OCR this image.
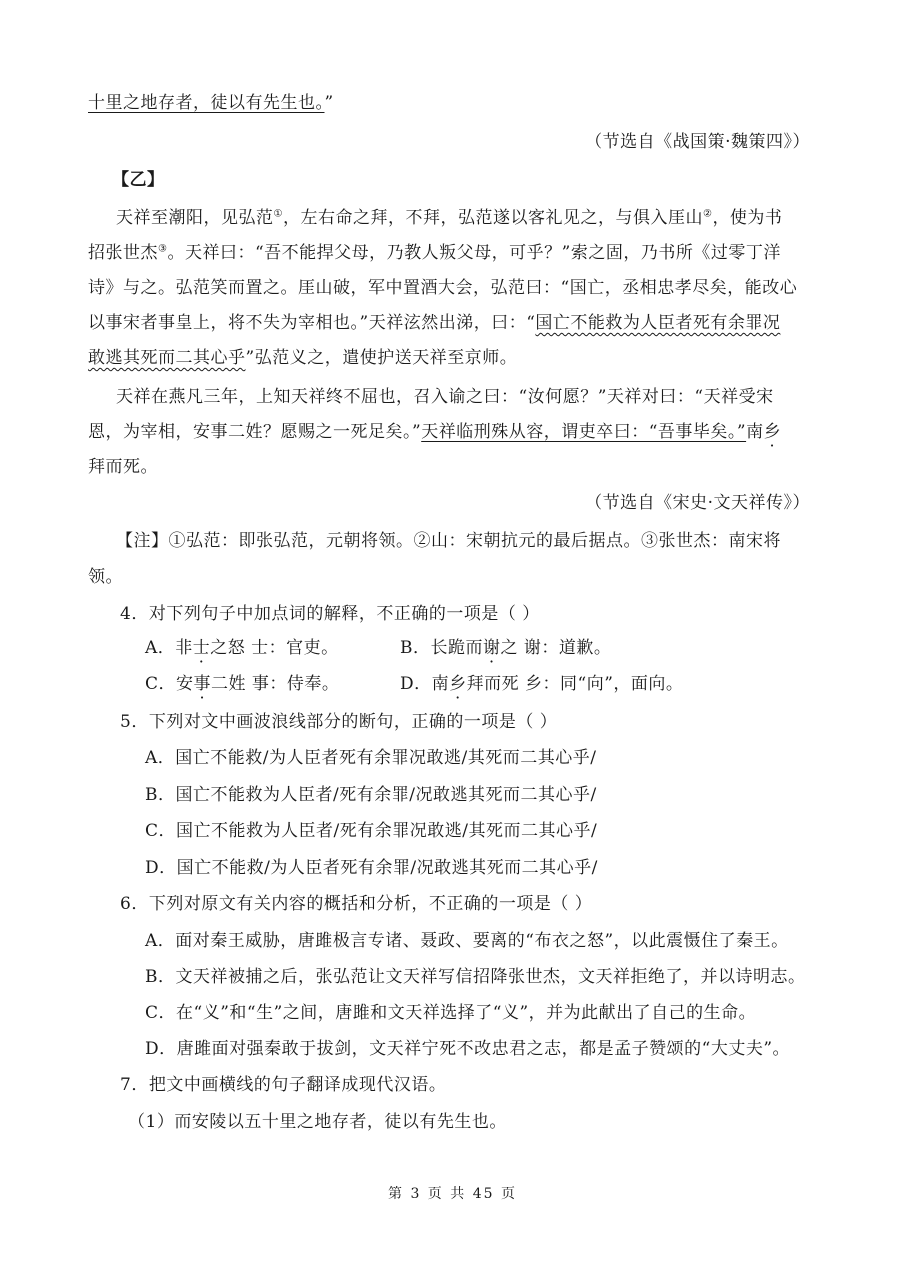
十里之地存者，徒以有先生也。”
（节选自《战国策·魏策四》）
【乙】
天祥至潮阳，见弘范①，左右命之拜，不拜，弘范遂以客礼见之，与俱入厓山②，使为书
招张世杰③。天祥曰：“吾不能捍父母，乃教人叛父母，可乎？”索之固，乃书所《过零丁洋
诗》与之。弘范笑而置之。厓山破，军中置酒大会，弘范曰：“国亡，丞相忠孝尽矣，能改心
以事宋者事皇上，将不失为宰相也。”天祥泫然出涕，曰：“国亡不能救为人臣者死有余罪况
敢逃其死而二其心乎”弘范义之，遣使护送天祥至京师。
天祥在燕凡三年，上知天祥终不屈也，召入谕之曰：“汝何愿？”天祥对曰：“天祥受宋
恩，为宰相，安事二姓？愿赐之一死足矣。”天祥临刑殊从容，谓吏卒曰：“吾事毕矣。”南乡
拜而死。
（节选自《宋史·文天祥传》）
【注】①弘范：即张弘范，元朝将领。②山：宋朝抗元的最后据点。③张世杰：南宋将
领。
4．对下列句子中加点词的解释，不正确的一项是（ ）
A．非士之怒 士：官吏。	B．长跪而谢之 谢：道歉。
C．安事二姓 事：侍奉。	D．南乡拜而死 乡：同“向”，面向。
5．下列对文中画波浪线部分的断句，正确的一项是（ ）
A．国亡不能救/为人臣者死有余罪况敢逃/其死而二其心乎/
B．国亡不能救为人臣者/死有余罪/况敢逃其死而二其心乎/
C．国亡不能救为人臣者/死有余罪况敢逃/其死而二其心乎/
D．国亡不能救/为人臣者死有余罪/况敢逃其死而二其心乎/
6．下列对原文有关内容的概括和分析，不正确的一项是（ ）
A．面对秦王威胁，唐雎极言专诸、聂政、要离的“布衣之怒”，以此震慑住了秦王。
B．文天祥被捕之后，张弘范让文天祥写信招降张世杰，文天祥拒绝了，并以诗明志。
C．在“义”和“生”之间，唐雎和文天祥选择了“义”，并为此献出了自己的生命。
D．唐雎面对强秦敢于拔剑，文天祥宁死不改忠君之志，都是孟子赞颂的“大丈夫”。
7．把文中画横线的句子翻译成现代汉语。
（1）而安陵以五十里之地存者，徒以有先生也。
第 3 页 共 45 页
